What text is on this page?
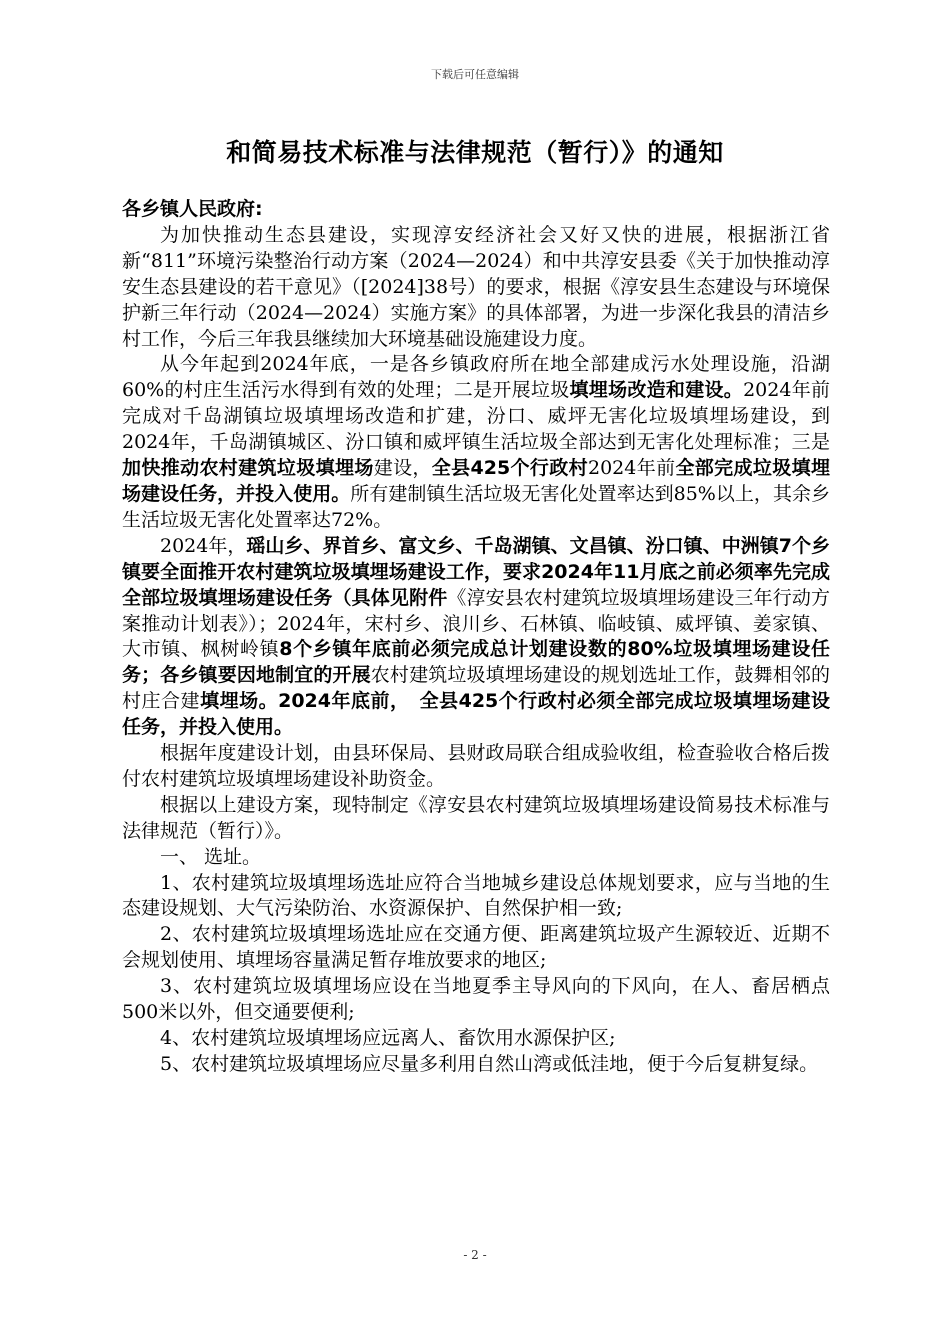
下载后可任意编辑
和简易技术标准与法律规范（暂行）》的通知

各乡镇人民政府:

为加快推动生态县建设，实现淳安经济社会又好又快的进展，根据浙江省新“811”环境污染整治行动方案（2024—2024）和中共淳安县委《关于加快推动淳安生态县建设的若干意见》（[2024]38号）的要求，根据《淳安县生态建设与环境保护新三年行动（2024—2024）实施方案》的具体部署，为进一步深化我县的清洁乡村工作，今后三年我县继续加大环境基础设施建设力度。

从今年起到2024年底，一是各乡镇政府所在地全部建成污水处理设施，沿湖60%的村庄生活污水得到有效的处理；二是开展垃圾填埋场改造和建设。2024年前完成对千岛湖镇垃圾填埋场改造和扩建，汾口、威坪无害化垃圾填埋场建设，到2024年，千岛湖镇城区、汾口镇和威坪镇生活垃圾全部达到无害化处理标准；三是加快推动农村建筑垃圾填埋场建设，全县425个行政村2024年前全部完成垃圾填埋场建设任务，并投入使用。所有建制镇生活垃圾无害化处置率达到85%以上，其余乡生活垃圾无害化处置率达72%。

2024年，瑶山乡、界首乡、富文乡、千岛湖镇、文昌镇、汾口镇、中洲镇7个乡镇要全面推开农村建筑垃圾填埋场建设工作，要求2024年11月底之前必须率先完成全部垃圾填埋场建设任务（具体见附件《淳安县农村建筑垃圾填埋场建设三年行动方案推动计划表》）；2024年，宋村乡、浪川乡、石林镇、临岐镇、威坪镇、姜家镇、大市镇、枫树岭镇8个乡镇年底前必须完成总计划建设数的80%垃圾填埋场建设任务；各乡镇要因地制宜的开展农村建筑垃圾填埋场建设的规划选址工作，鼓舞相邻的村庄合建填埋场。2024年底前，　全县425个行政村必须全部完成垃圾填埋场建设任务，并投入使用。

根据年度建设计划，由县环保局、县财政局联合组成验收组，检查验收合格后拨付农村建筑垃圾填埋场建设补助资金。

根据以上建设方案，现特制定《淳安县农村建筑垃圾填埋场建设简易技术标准与法律规范（暂行）》。

一、 选址。

1、农村建筑垃圾填埋场选址应符合当地城乡建设总体规划要求，应与当地的生态建设规划、大气污染防治、水资源保护、自然保护相一致;

2、农村建筑垃圾填埋场选址应在交通方便、距离建筑垃圾产生源较近、近期不会规划使用、填埋场容量满足暂存堆放要求的地区;

3、农村建筑垃圾填埋场应设在当地夏季主导风向的下风向，在人、畜居栖点500米以外，但交通要便利;

4、农村建筑垃圾填埋场应远离人、畜饮用水源保护区;

5、农村建筑垃圾填埋场应尽量多利用自然山湾或低洼地，便于今后复耕复绿。

- 2 -
